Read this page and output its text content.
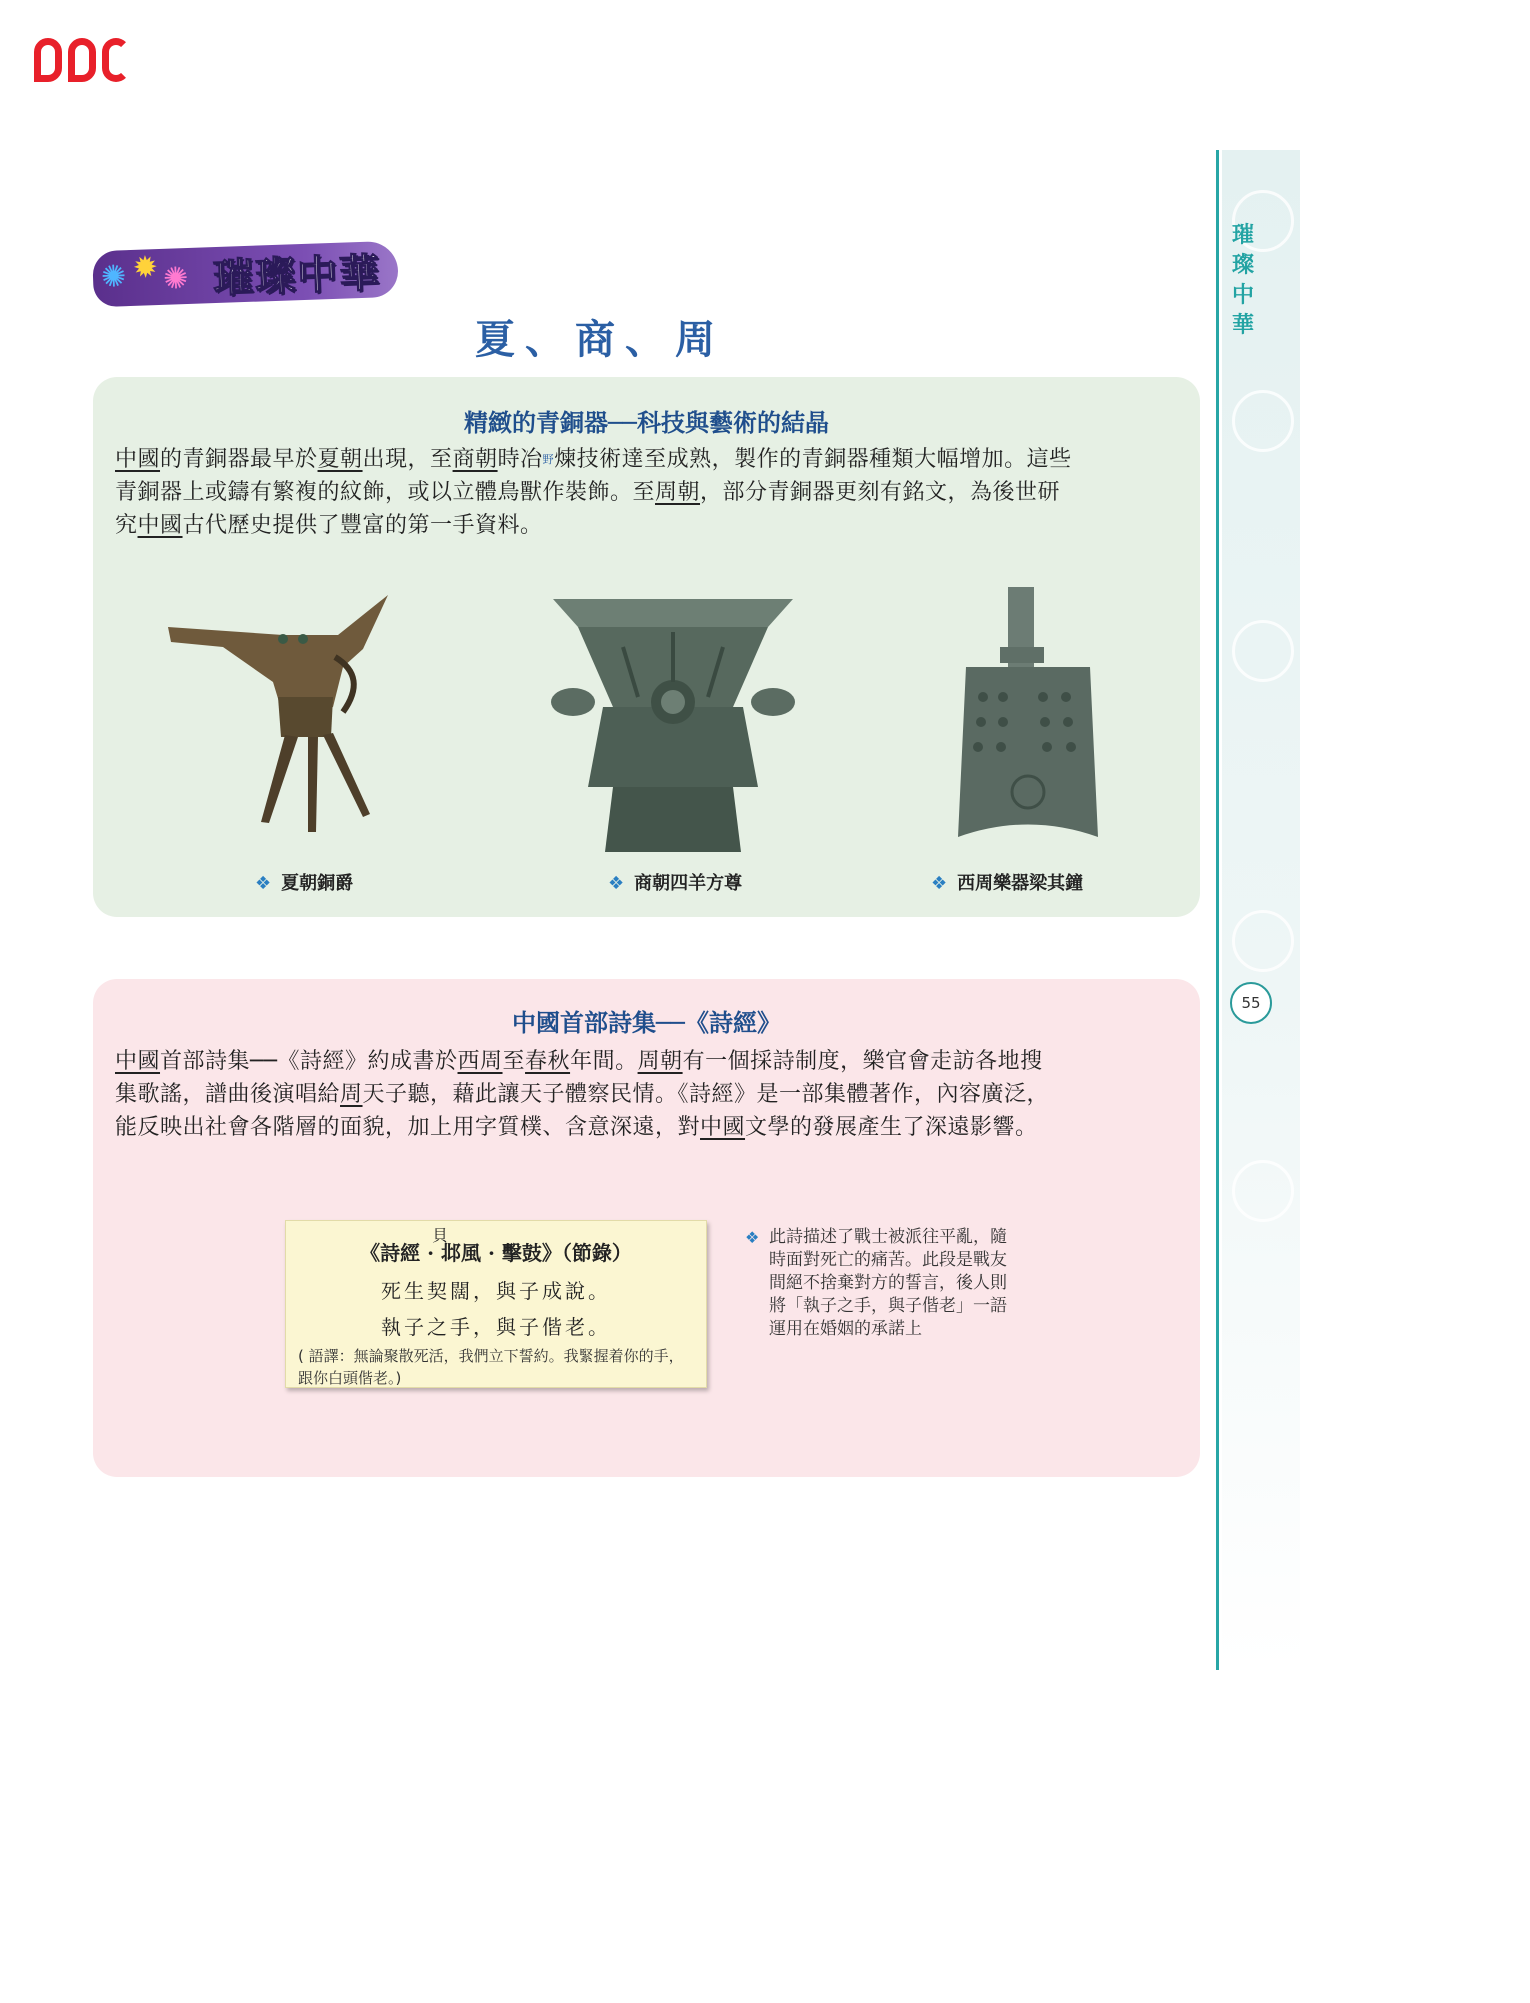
璀璨中華
55
✺ ✹ ✺ 璀璨中華
夏、商、周
精緻的青銅器──科技與藝術的結晶
中國的青銅器最早於夏朝出現，至商朝時冶$^野$煉技術達至成熟，製作的青銅器種類大幅增加。這些
青銅器上或鑄有繁複的紋飾，或以立體鳥獸作裝飾。至周朝，部分青銅器更刻有銘文，為後世研
究中國古代歷史提供了豐富的第一手資料。
❖ 夏朝銅爵	❖ 商朝四羊方尊	❖ 西周樂器梁其鐘
中國首部詩集──《詩經》
中國首部詩集──《詩經》約成書於西周至春秋年間。周朝有一個採詩制度，樂官會走訪各地搜
集歌謠，譜曲後演唱給周天子聽，藉此讓天子體察民情。《詩經》是一部集體著作，內容廣泛，
能反映出社會各階層的面貌，加上用字質樸、含意深遠，對中國文學的發展產生了深遠影響。
貝
《詩經 · 邶風 · 擊鼓》（節錄）
死生契闊，與子成說。
執子之手，與子偕老。
( 語譯：無論聚散死活，我們立下誓約。我緊握着你的手，跟你白頭偕老。)
❖ 此詩描述了戰士被派往平亂，隨時面對死亡的痛苦。此段是戰友間絕不捨棄對方的誓言，後人則將「執子之手，與子偕老」一語運用在婚姻的承諾上
